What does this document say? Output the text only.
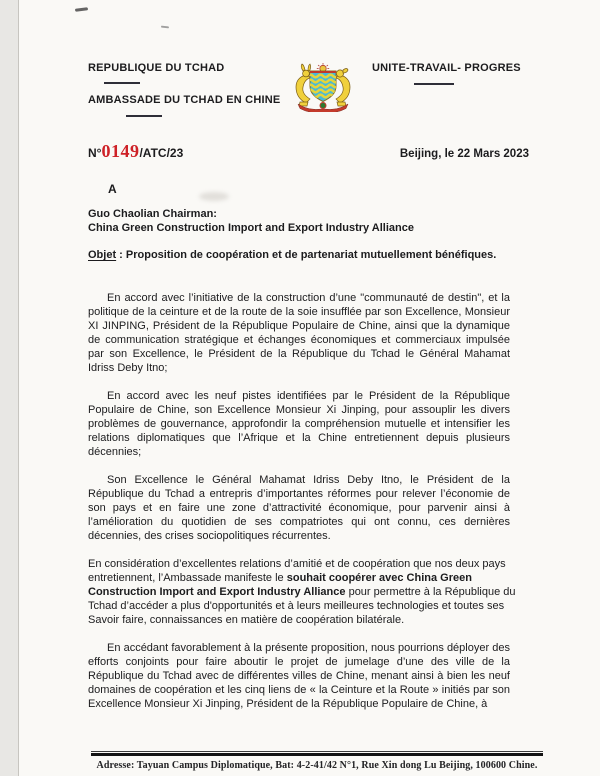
REPUBLIQUE DU TCHAD
AMBASSADE DU TCHAD EN CHINE
UNITE-TRAVAIL- PROGRES
N°0149/ATC/23	Beijing, le 22 Mars 2023
A
Guo Chaolian Chairman:
China Green Construction Import and Export Industry Alliance
Objet : Proposition de coopération et de partenariat mutuellement bénéfiques.

En accord avec l’initiative de la construction d’une "communauté de destin", et la politique de la ceinture et de la route de la soie insufflée par son Excellence, Monsieur XI JINPING, Président de la République Populaire de Chine, ainsi que la dynamique de communication stratégique et échanges économiques et commerciaux impulsée par son Excellence, le Président de la République du Tchad le Général Mahamat Idriss Deby Itno;

En accord avec les neuf pistes identifiées par le Président de la République Populaire de Chine, son Excellence Monsieur Xi Jinping, pour assouplir les divers problèmes de gouvernance, approfondir la compréhension mutuelle et intensifier les relations diplomatiques que l’Afrique et la Chine entretiennent depuis plusieurs décennies;

Son Excellence le Général Mahamat Idriss Deby Itno, le Président de la République du Tchad a entrepris d’importantes réformes pour relever l’économie de son pays et en faire une zone d’attractivité économique, pour parvenir ainsi à l’amélioration du quotidien de ses compatriotes qui ont connu, ces dernières décennies, des crises sociopolitiques récurrentes.

En considération d’excellentes relations d’amitié et de coopération que nos deux pays entretiennent, l’Ambassade manifeste le souhait coopérer avec China Green Construction Import and Export Industry Alliance pour permettre à la République du Tchad d’accéder a plus d'opportunités et à leurs meilleures technologies et toutes ses Savoir faire, connaissances en matière de coopération bilatérale.

En accédant favorablement à la présente proposition, nous pourrions déployer des efforts conjoints pour faire aboutir le projet de jumelage d’une des ville de la République du Tchad avec de différentes villes de Chine, menant ainsi à bien les neuf domaines de coopération et les cinq liens de « la Ceinture et la Route » initiés par son Excellence Monsieur Xi Jinping, Président de la République Populaire de Chine, à

Adresse: Tayuan Campus Diplomatique, Bat: 4-2-41/42 N°1, Rue Xin dong Lu Beijing, 100600 Chine.
